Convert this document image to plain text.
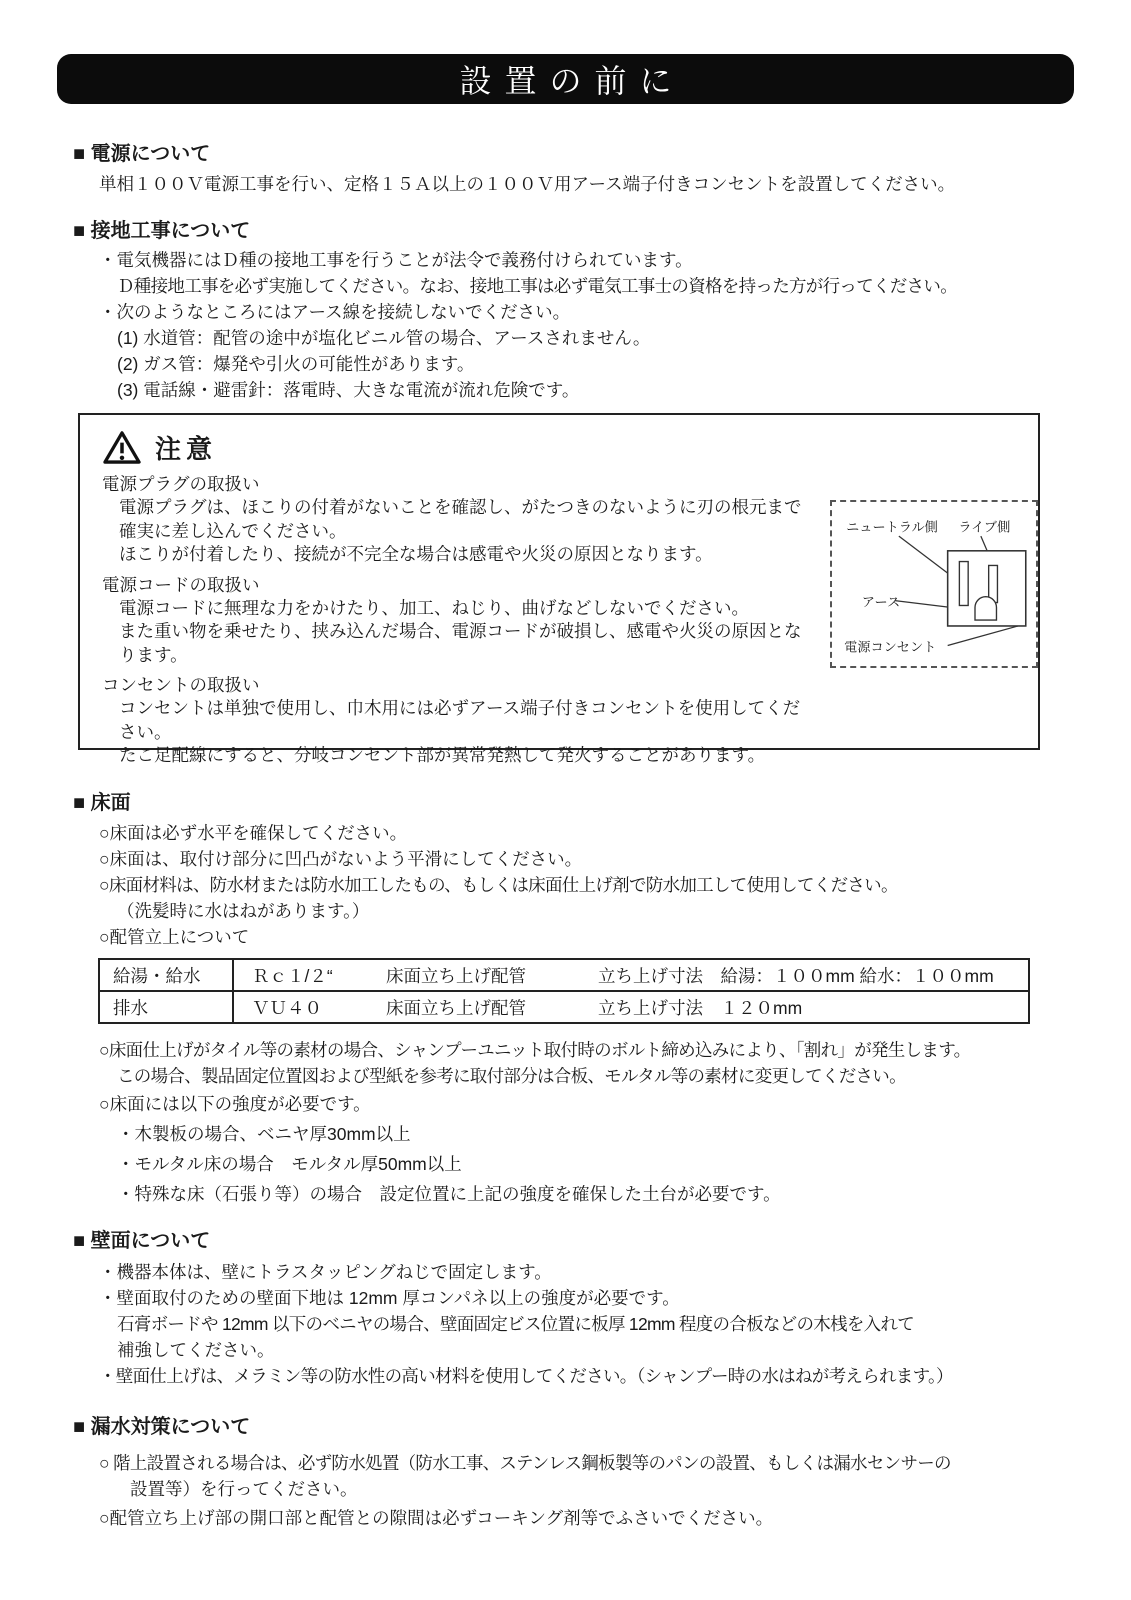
設置の前に
■ 電源について
単相１００Ｖ電源工事を行い、定格１５Ａ以上の１００Ｖ用アース端子付きコンセントを設置してください。
■ 接地工事について
・電気機器にはＤ種の接地工事を行うことが法令で義務付けられています。
Ｄ種接地工事を必ず実施してください。なお、接地工事は必ず電気工事士の資格を持った方が行ってください。
・次のようなところにはアース線を接続しないでください。
(1) 水道管：配管の途中が塩化ビニル管の場合、アースされません。
(2) ガス管：爆発や引火の可能性があります。
(3) 電話線・避雷針：落電時、大きな電流が流れ危険です。
注意
電源プラグの取扱い
電源プラグは、ほこりの付着がないことを確認し、がたつきのないように刃の根元まで
確実に差し込んでください。
ほこりが付着したり、接続が不完全な場合は感電や火災の原因となります。
電源コードの取扱い
電源コードに無理な力をかけたり、加工、ねじり、曲げなどしないでください。
また重い物を乗せたり、挟み込んだ場合、電源コードが破損し、感電や火災の原因とな
ります。
コンセントの取扱い
コンセントは単独で使用し、巾木用には必ずアース端子付きコンセントを使用してくだ
さい。
たこ足配線にすると、分岐コンセント部が異常発熱して発火することがあります。
ニュートラル側 ライブ側
アース
電源コンセント
■ 床面
○床面は必ず水平を確保してください。
○床面は、取付け部分に凹凸がないよう平滑にしてください。
○床面材料は、防水材または防水加工したもの、もしくは床面仕上げ剤で防水加工して使用してください。
（洗髪時に水はねがあります。）
○配管立上について
給湯・給水	Ｒｃ１/２“ 床面立ち上げ配管 立ち上げ寸法　給湯：１００mm 給水：１００mm

排水	ＶＵ４０ 床面立ち上げ配管 立ち上げ寸法　１２０mm
○床面仕上げがタイル等の素材の場合、シャンプーユニット取付時のボルト締め込みにより、「割れ」が発生します。
この場合、製品固定位置図および型紙を参考に取付部分は合板、モルタル等の素材に変更してください。
○床面には以下の強度が必要です。
・木製板の場合、ベニヤ厚30mm以上
・モルタル床の場合　モルタル厚50mm以上
・特殊な床（石張り等）の場合　設定位置に上記の強度を確保した土台が必要です。
■ 壁面について
・機器本体は、壁にトラスタッピングねじで固定します。
・壁面取付のための壁面下地は 12mm 厚コンパネ以上の強度が必要です。
石膏ボードや 12mm 以下のベニヤの場合、壁面固定ビス位置に板厚 12mm 程度の合板などの木桟を入れて
補強してください。
・壁面仕上げは、メラミン等の防水性の高い材料を使用してください。（シャンプー時の水はねが考えられます。）
■ 漏水対策について
○ 階上設置される場合は、必ず防水処置（防水工事、ステンレス鋼板製等のパンの設置、もしくは漏水センサーの
設置等）を行ってください。
○配管立ち上げ部の開口部と配管との隙間は必ずコーキング剤等でふさいでください。
